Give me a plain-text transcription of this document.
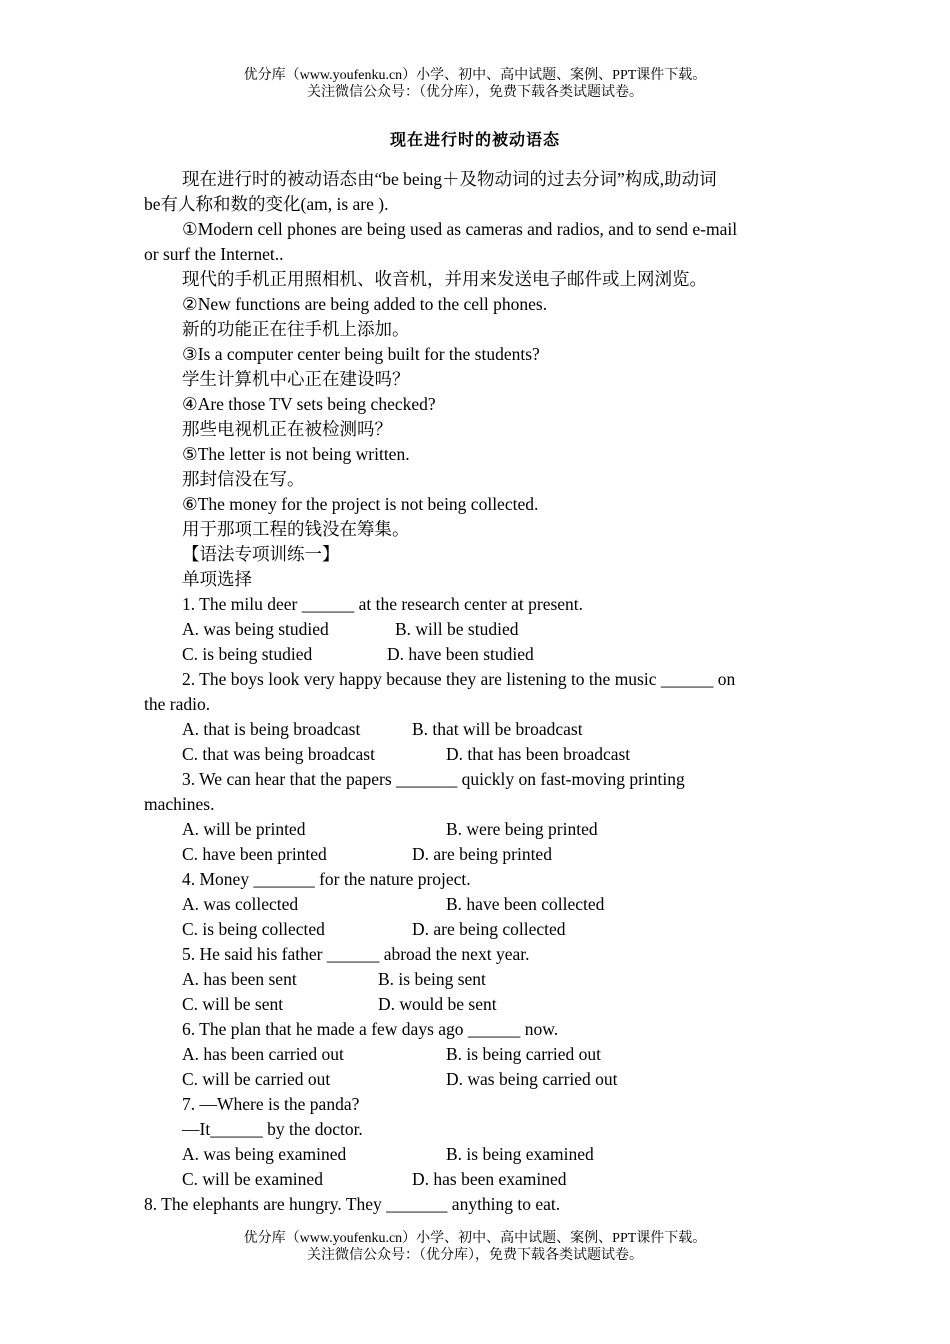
优分库（www.youfenku.cn）小学、初中、高中试题、案例、PPT课件下载。
关注微信公众号：（优分库），免费下载各类试题试卷。
现在进行时的被动语态
现在进行时的被动语态由“be being＋及物动词的过去分词”构成,助动词
be有人称和数的变化(am, is are ).
①Modern cell phones are being used as cameras and radios, and to send e-mail
or surf the Internet..
现代的手机正用照相机、收音机，并用来发送电子邮件或上网浏览。
②New functions are being added to the cell phones.
新的功能正在往手机上添加。
③Is a computer center being built for the students?
学生计算机中心正在建设吗？
④Are those TV sets being checked?
那些电视机正在被检测吗？
⑤The letter is not being written.
那封信没在写。
⑥The money for the project is not being collected.
用于那项工程的钱没在筹集。
【语法专项训练一】
单项选择
1. The milu deer ______ at the research center at present.
A. was being studied	B. will be studied
C. is being studied	D. have been studied
2. The boys look very happy because they are listening to the music ______ on
the radio.
A. that is being broadcast	B. that will be broadcast
C. that was being broadcast	D. that has been broadcast
3. We can hear that the papers _______ quickly on fast-moving printing
machines.
A. will be printed	B. were being printed
C. have been printed	D. are being printed
4. Money _______ for the nature project.
A. was collected	B. have been collected
C. is being collected	D. are being collected
5. He said his father ______ abroad the next year.
A. has been sent	B. is being sent
C. will be sent	D. would be sent
6. The plan that he made a few days ago ______ now.
A. has been carried out	B. is being carried out
C. will be carried out	D. was being carried out
7. —Where is the panda?
—It______ by the doctor.
A. was being examined	B. is being examined
C. will be examined	D. has been examined
8. The elephants are hungry. They _______ anything to eat.
优分库（www.youfenku.cn）小学、初中、高中试题、案例、PPT课件下载。
关注微信公众号：（优分库），免费下载各类试题试卷。
